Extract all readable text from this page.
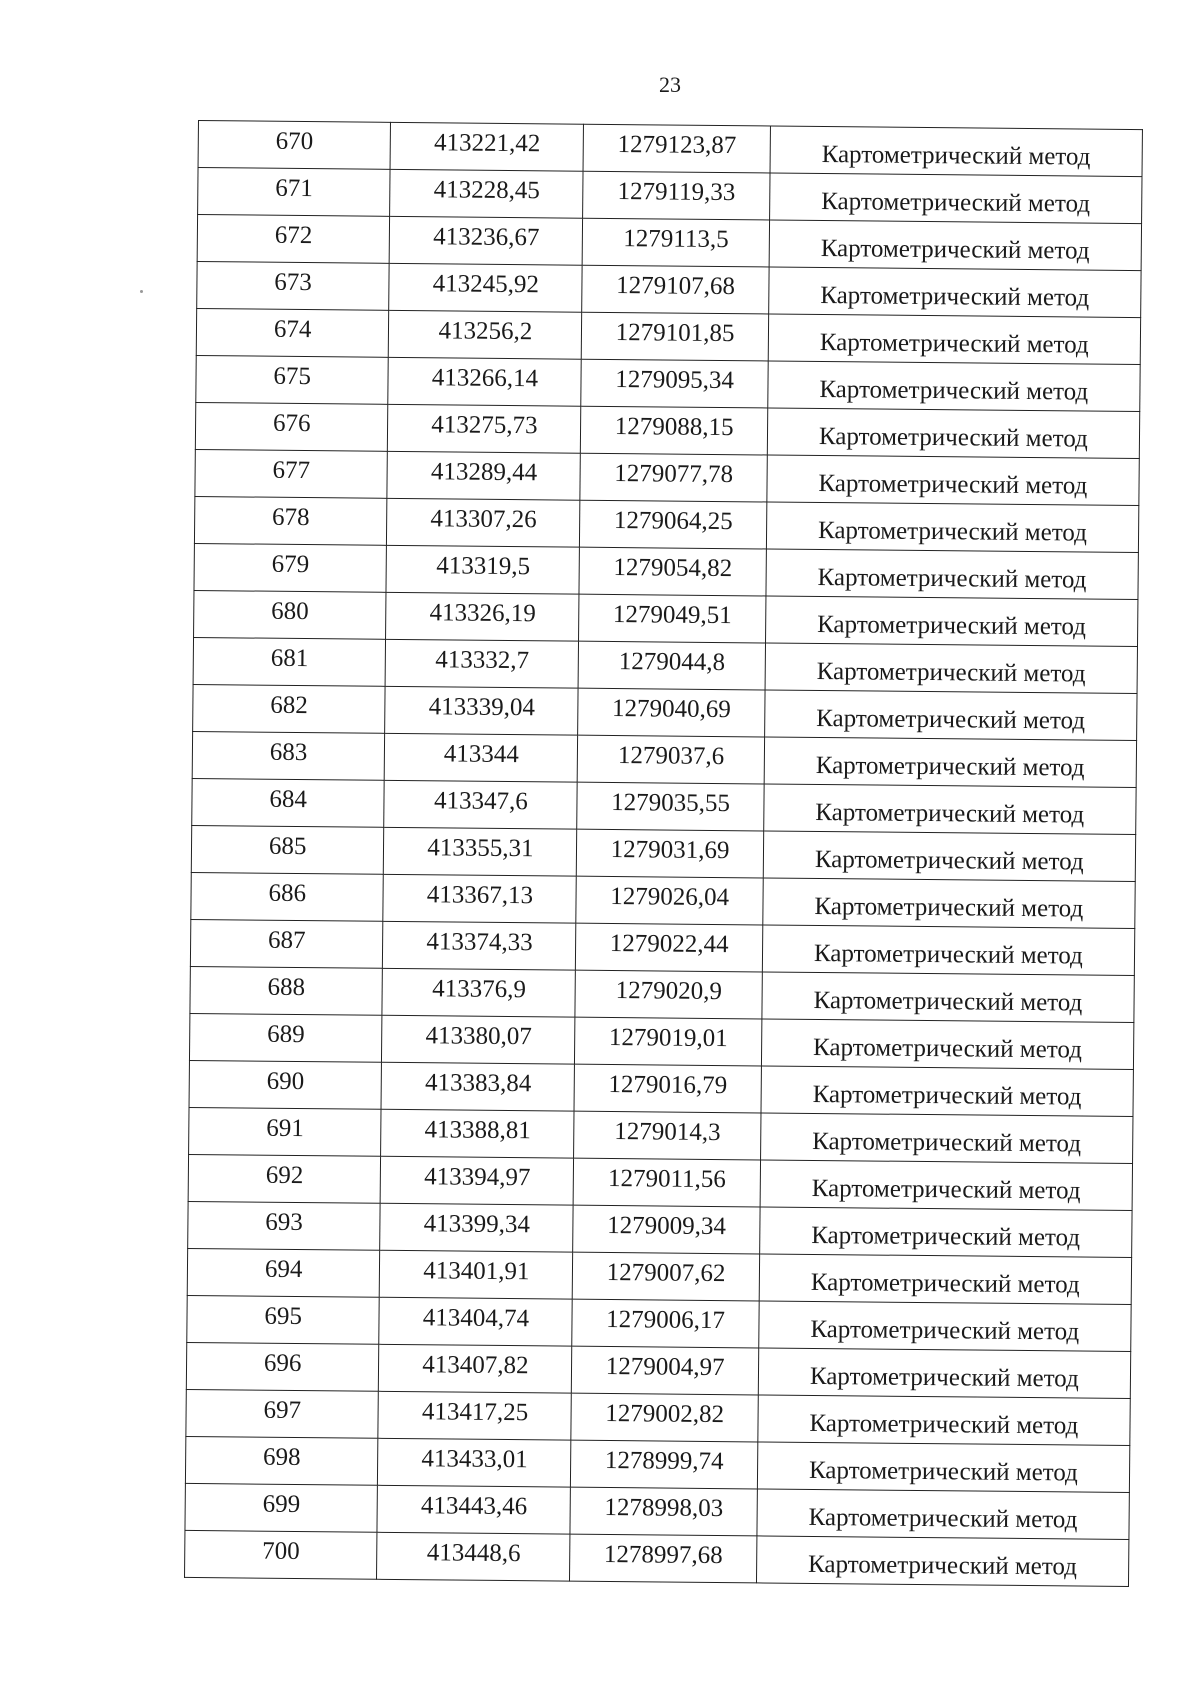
23
670	413221,42	1279123,87	Картометрический метод
671	413228,45	1279119,33	Картометрический метод
672	413236,67	1279113,5	Картометрический метод
673	413245,92	1279107,68	Картометрический метод
674	413256,2	1279101,85	Картометрический метод
675	413266,14	1279095,34	Картометрический метод
676	413275,73	1279088,15	Картометрический метод
677	413289,44	1279077,78	Картометрический метод
678	413307,26	1279064,25	Картометрический метод
679	413319,5	1279054,82	Картометрический метод
680	413326,19	1279049,51	Картометрический метод
681	413332,7	1279044,8	Картометрический метод
682	413339,04	1279040,69	Картометрический метод
683	413344	1279037,6	Картометрический метод
684	413347,6	1279035,55	Картометрический метод
685	413355,31	1279031,69	Картометрический метод
686	413367,13	1279026,04	Картометрический метод
687	413374,33	1279022,44	Картометрический метод
688	413376,9	1279020,9	Картометрический метод
689	413380,07	1279019,01	Картометрический метод
690	413383,84	1279016,79	Картометрический метод
691	413388,81	1279014,3	Картометрический метод
692	413394,97	1279011,56	Картометрический метод
693	413399,34	1279009,34	Картометрический метод
694	413401,91	1279007,62	Картометрический метод
695	413404,74	1279006,17	Картометрический метод
696	413407,82	1279004,97	Картометрический метод
697	413417,25	1279002,82	Картометрический метод
698	413433,01	1278999,74	Картометрический метод
699	413443,46	1278998,03	Картометрический метод
700	413448,6	1278997,68	Картометрический метод
